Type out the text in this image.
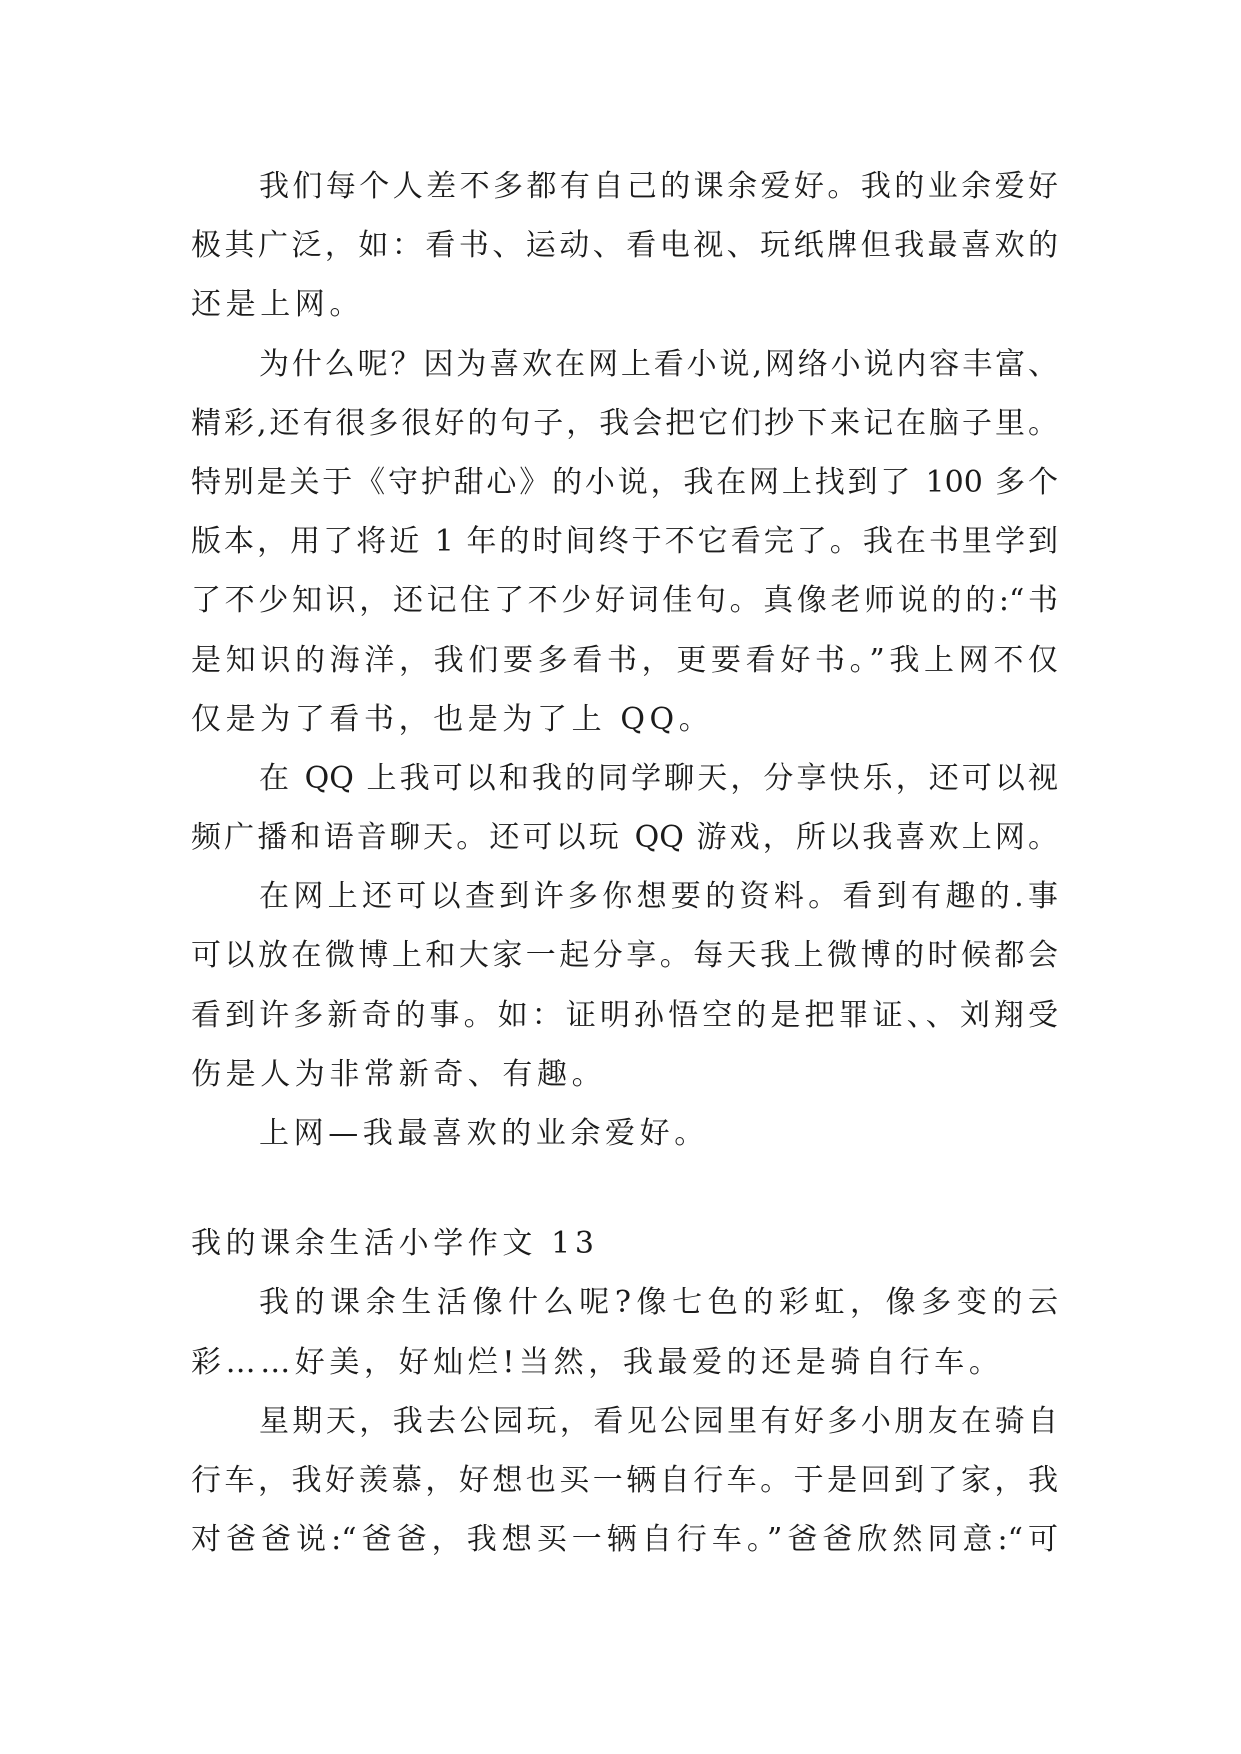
我们每个人差不多都有自己的课余爱好。我的业余爱好
极其广泛，如：看书、运动、看电视、玩纸牌但我最喜欢的
还是上网。
为什么呢？因为喜欢在网上看小说,网络小说内容丰富、
精彩,还有很多很好的句子，我会把它们抄下来记在脑子里。
特别是关于《守护甜心》的小说，我在网上找到了 100 多个
版本，用了将近 1 年的时间终于不它看完了。我在书里学到
了不少知识，还记住了不少好词佳句。真像老师说的的:“书
是知识的海洋，我们要多看书，更要看好书。”我上网不仅
仅是为了看书，也是为了上 QQ。
在 QQ 上我可以和我的同学聊天，分享快乐，还可以视
频广播和语音聊天。还可以玩 QQ 游戏，所以我喜欢上网。
在网上还可以查到许多你想要的资料。看到有趣的.事
可以放在微博上和大家一起分享。每天我上微博的时候都会
看到许多新奇的事。如：证明孙悟空的是把罪证、、刘翔受
伤是人为非常新奇、有趣。
上网—我最喜欢的业余爱好。
我的课余生活小学作文 13
我的课余生活像什么呢?像七色的彩虹，像多变的云
彩……好美，好灿烂!当然，我最爱的还是骑自行车。
星期天，我去公园玩，看见公园里有好多小朋友在骑自
行车，我好羡慕，好想也买一辆自行车。于是回到了家，我
对爸爸说:“爸爸，我想买一辆自行车。”爸爸欣然同意:“可
